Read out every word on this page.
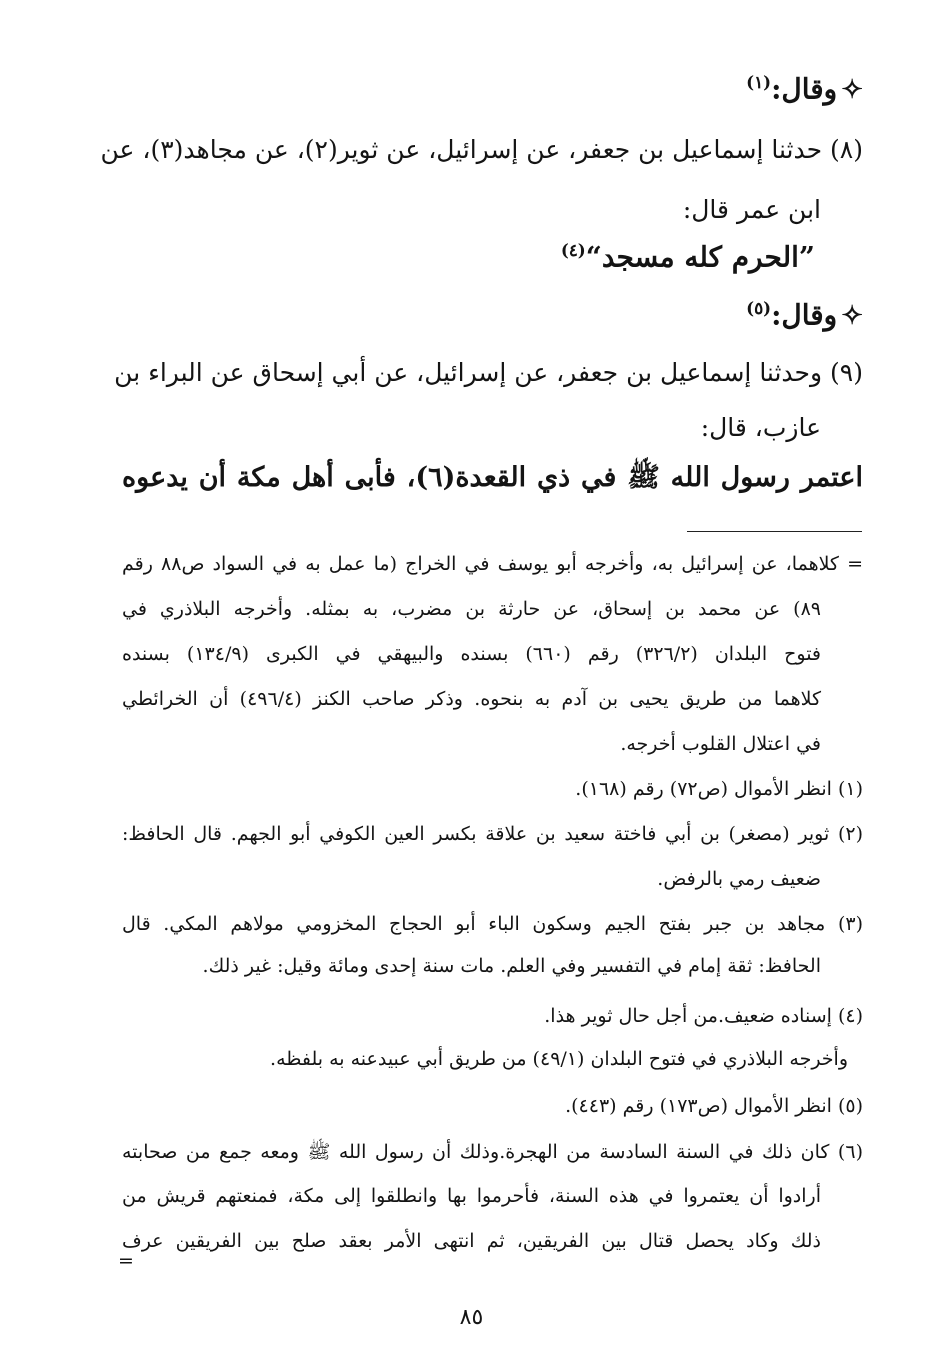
✧وقال:$^{(١)}$
(٨) حدثنا إسماعيل بن جعفر، عن إسرائيل، عن ثوير(٢)، عن مجاهد(٣)، عن
ابن عمر قال:
”الحرم كله مسجد“$^{(٤)}$
✧وقال:$^{(٥)}$
(٩) وحدثنا إسماعيل بن جعفر، عن إسرائيل، عن أبي إسحاق عن البراء بن
عازب، قال:
اعتمر رسول الله ﷺ في ذي القعدة(٦)، فأبى أهل مكة أن يدعوه
= كلاهما، عن إسرائيل به، وأخرجه أبو يوسف في الخراج (ما عمل به في السواد ص٨٨ رقم
٨٩) عن محمد بن إسحاق، عن حارثة بن مضرب، به بمثله. وأخرجه البلاذري في
فتوح البلدان (٣٢٦/٢) رقم (٦٦٠) بسنده والبيهقي في الكبرى (١٣٤/٩) بسنده
كلاهما من طريق يحيى بن آدم به بنحوه. وذكر صاحب الكنز (٤٩٦/٤) أن الخرائطي
في اعتلال القلوب أخرجه.
(١) انظر الأموال (ص٧٢) رقم (١٦٨).
(٢) ثوير (مصغر) بن أبي فاختة سعيد بن علاقة بكسر العين الكوفي أبو الجهم. قال الحافظ:
ضعيف رمي بالرفض.
(٣) مجاهد بن جبر بفتح الجيم وسكون الباء أبو الحجاج المخزومي مولاهم المكي. قال
الحافظ: ثقة إمام في التفسير وفي العلم. مات سنة إحدى ومائة وقيل: غير ذلك.
(٤) إسناده ضعيف.من أجل حال ثوير هذا.
وأخرجه البلاذري في فتوح البلدان (٤٩/١) من طريق أبي عبيدعنه به بلفظه.
(٥) انظر الأموال (ص١٧٣) رقم (٤٤٣).
(٦) كان ذلك في السنة السادسة من الهجرة.وذلك أن رسول الله ﷺ ومعه جمع من صحابته
أرادوا أن يعتمروا في هذه السنة، فأحرموا بها وانطلقوا إلى مكة، فمنعتهم قريش من
ذلك وكاد يحصل قتال بين الفريقين، ثم انتهى الأمر بعقد صلح بين الفريقين عرف
=
٨٥
